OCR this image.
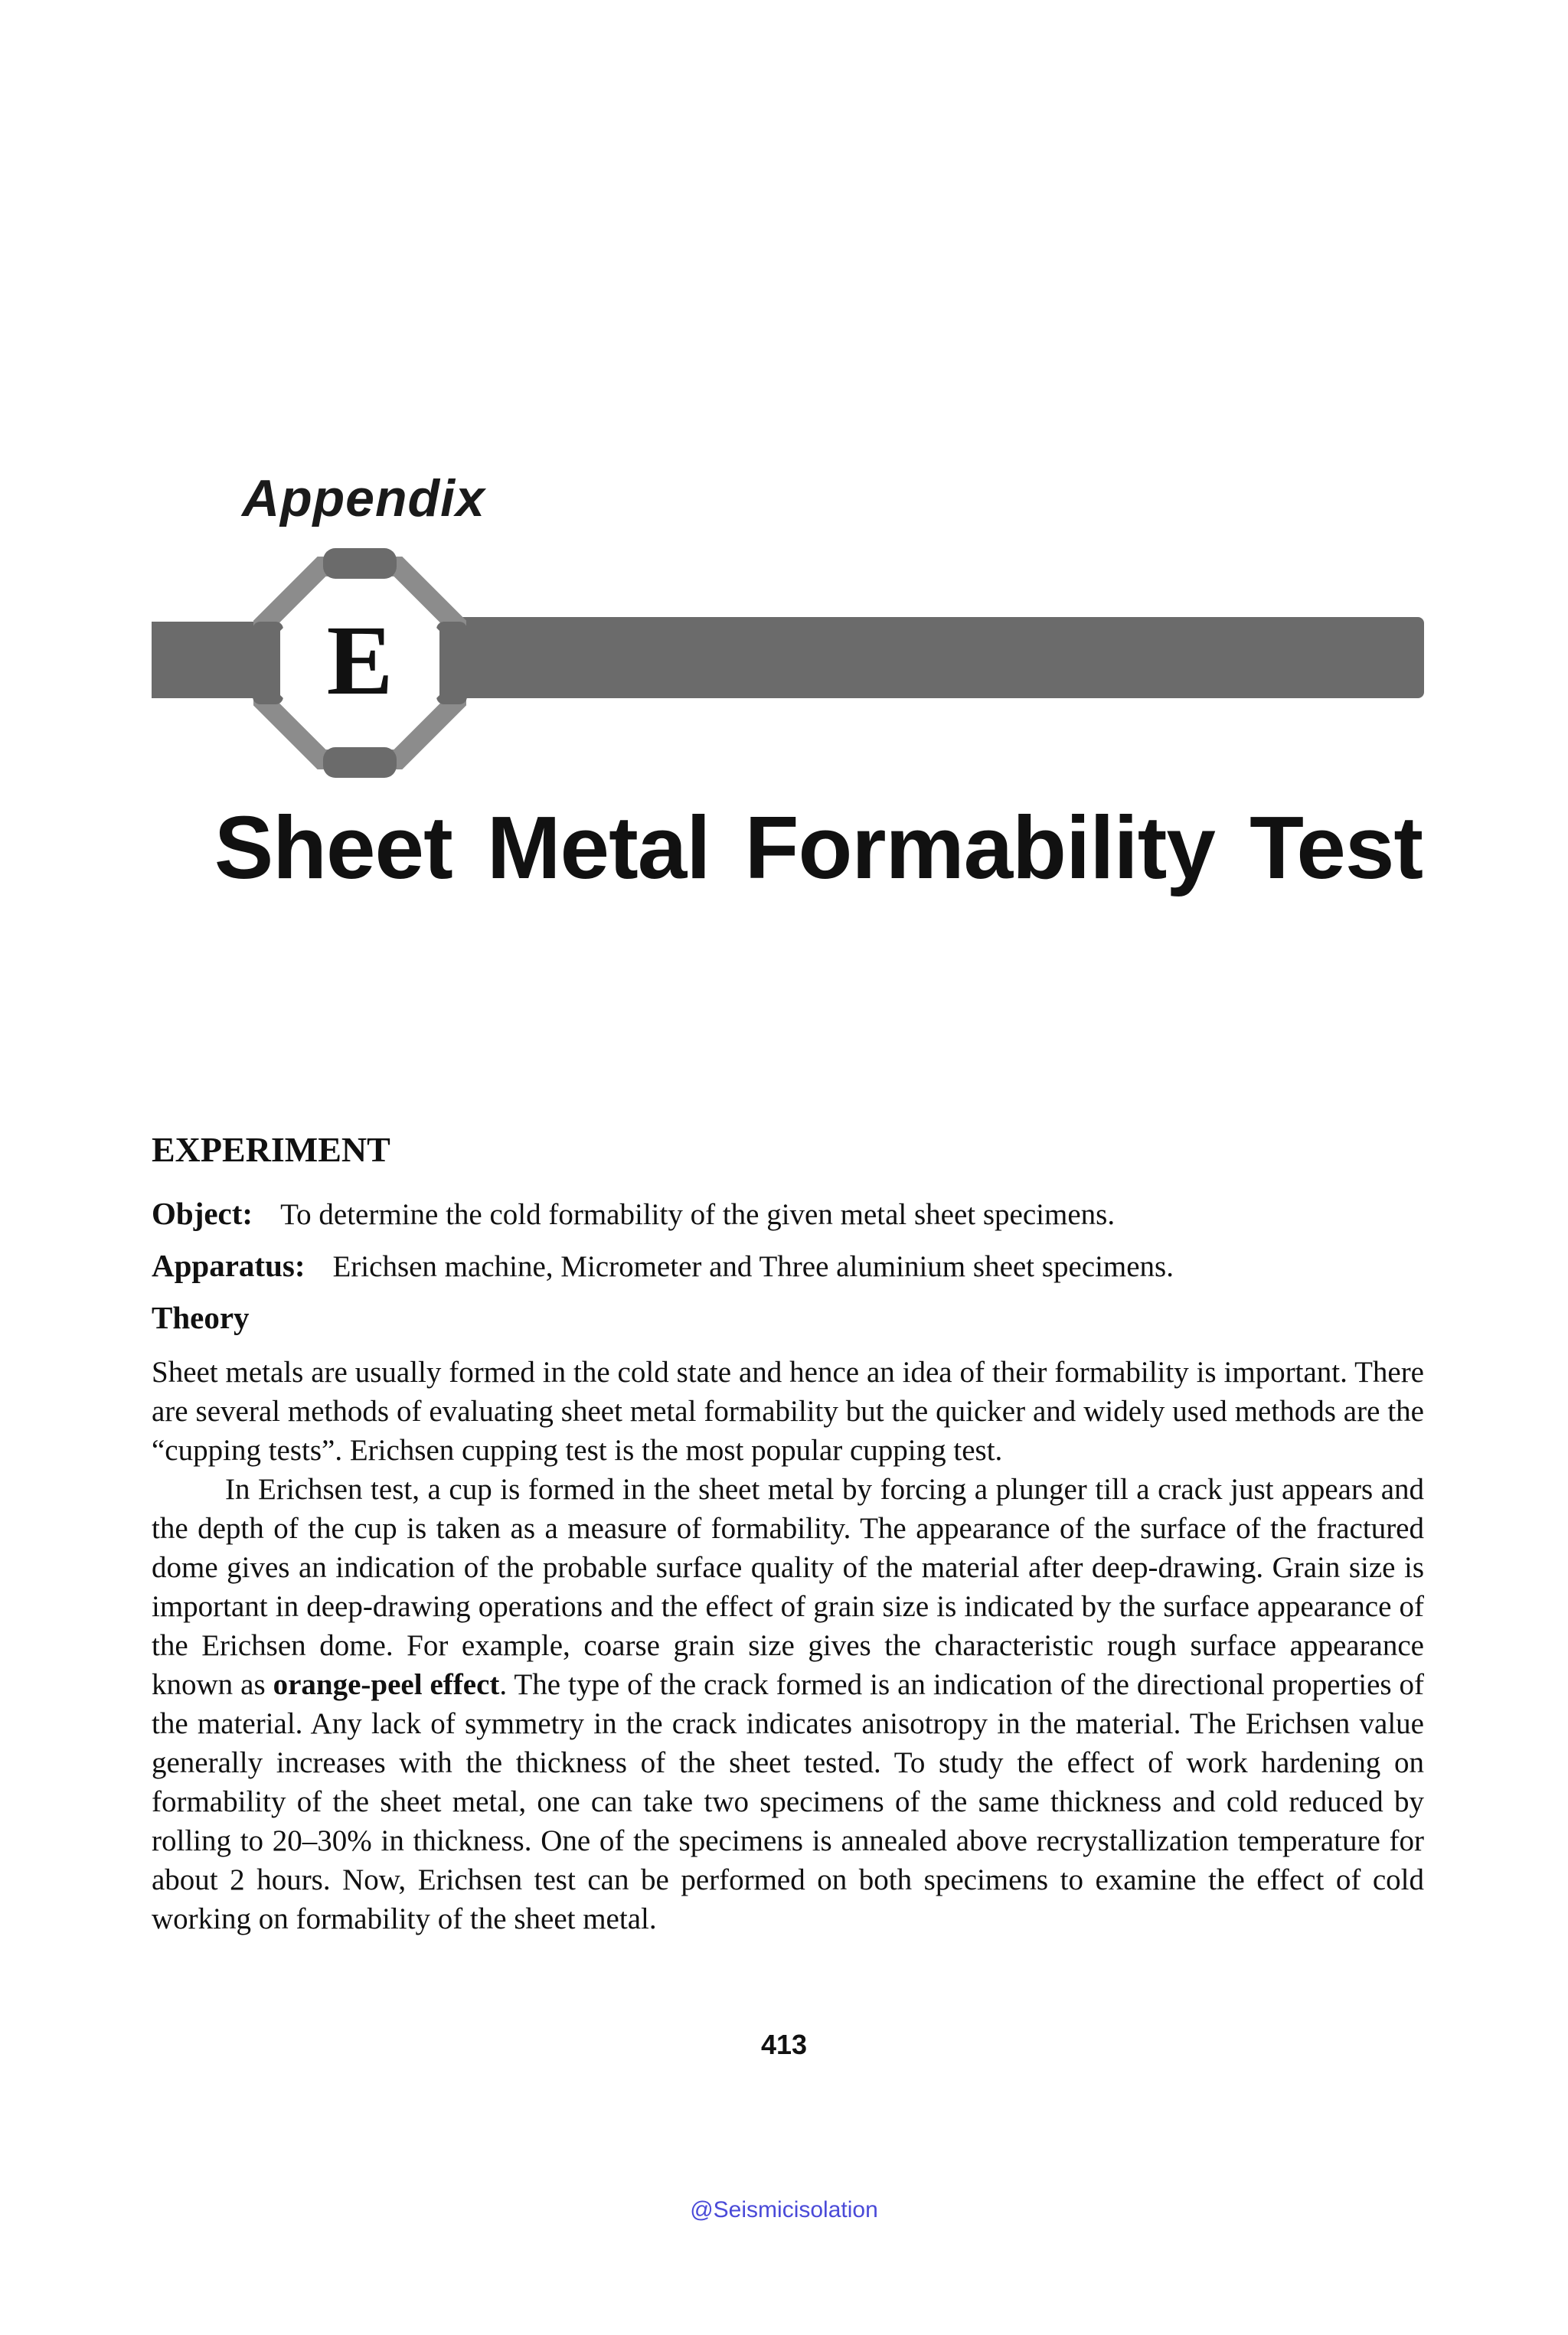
Appendix
E
Sheet Metal Formability Test
EXPERIMENT

Object: To determine the cold formability of the given metal sheet specimens.

Apparatus: Erichsen machine, Micrometer and Three aluminium sheet specimens.

Theory

Sheet metals are usually formed in the cold state and hence an idea of their formability is important. There are several methods of evaluating sheet metal formability but the quicker and widely used methods are the “cupping tests”. Erichsen cupping test is the most popular cupping test.

In Erichsen test, a cup is formed in the sheet metal by forcing a plunger till a crack just appears and the depth of the cup is taken as a measure of formability. The appearance of the surface of the fractured dome gives an indication of the probable surface quality of the material after deep-drawing. Grain size is important in deep-drawing operations and the effect of grain size is indicated by the surface appearance of the Erichsen dome. For example, coarse grain size gives the characteristic rough surface appearance known as orange-peel effect. The type of the crack formed is an indication of the directional properties of the material. Any lack of symmetry in the crack indicates anisotropy in the material. The Erichsen value generally increases with the thickness of the sheet tested. To study the effect of work hardening on formability of the sheet metal, one can take two specimens of the same thickness and cold reduced by rolling to 20–30% in thickness. One of the specimens is annealed above recrystallization temperature for about 2 hours. Now, Erichsen test can be performed on both specimens to examine the effect of cold working on formability of the sheet metal.

413

@Seismicisolation
